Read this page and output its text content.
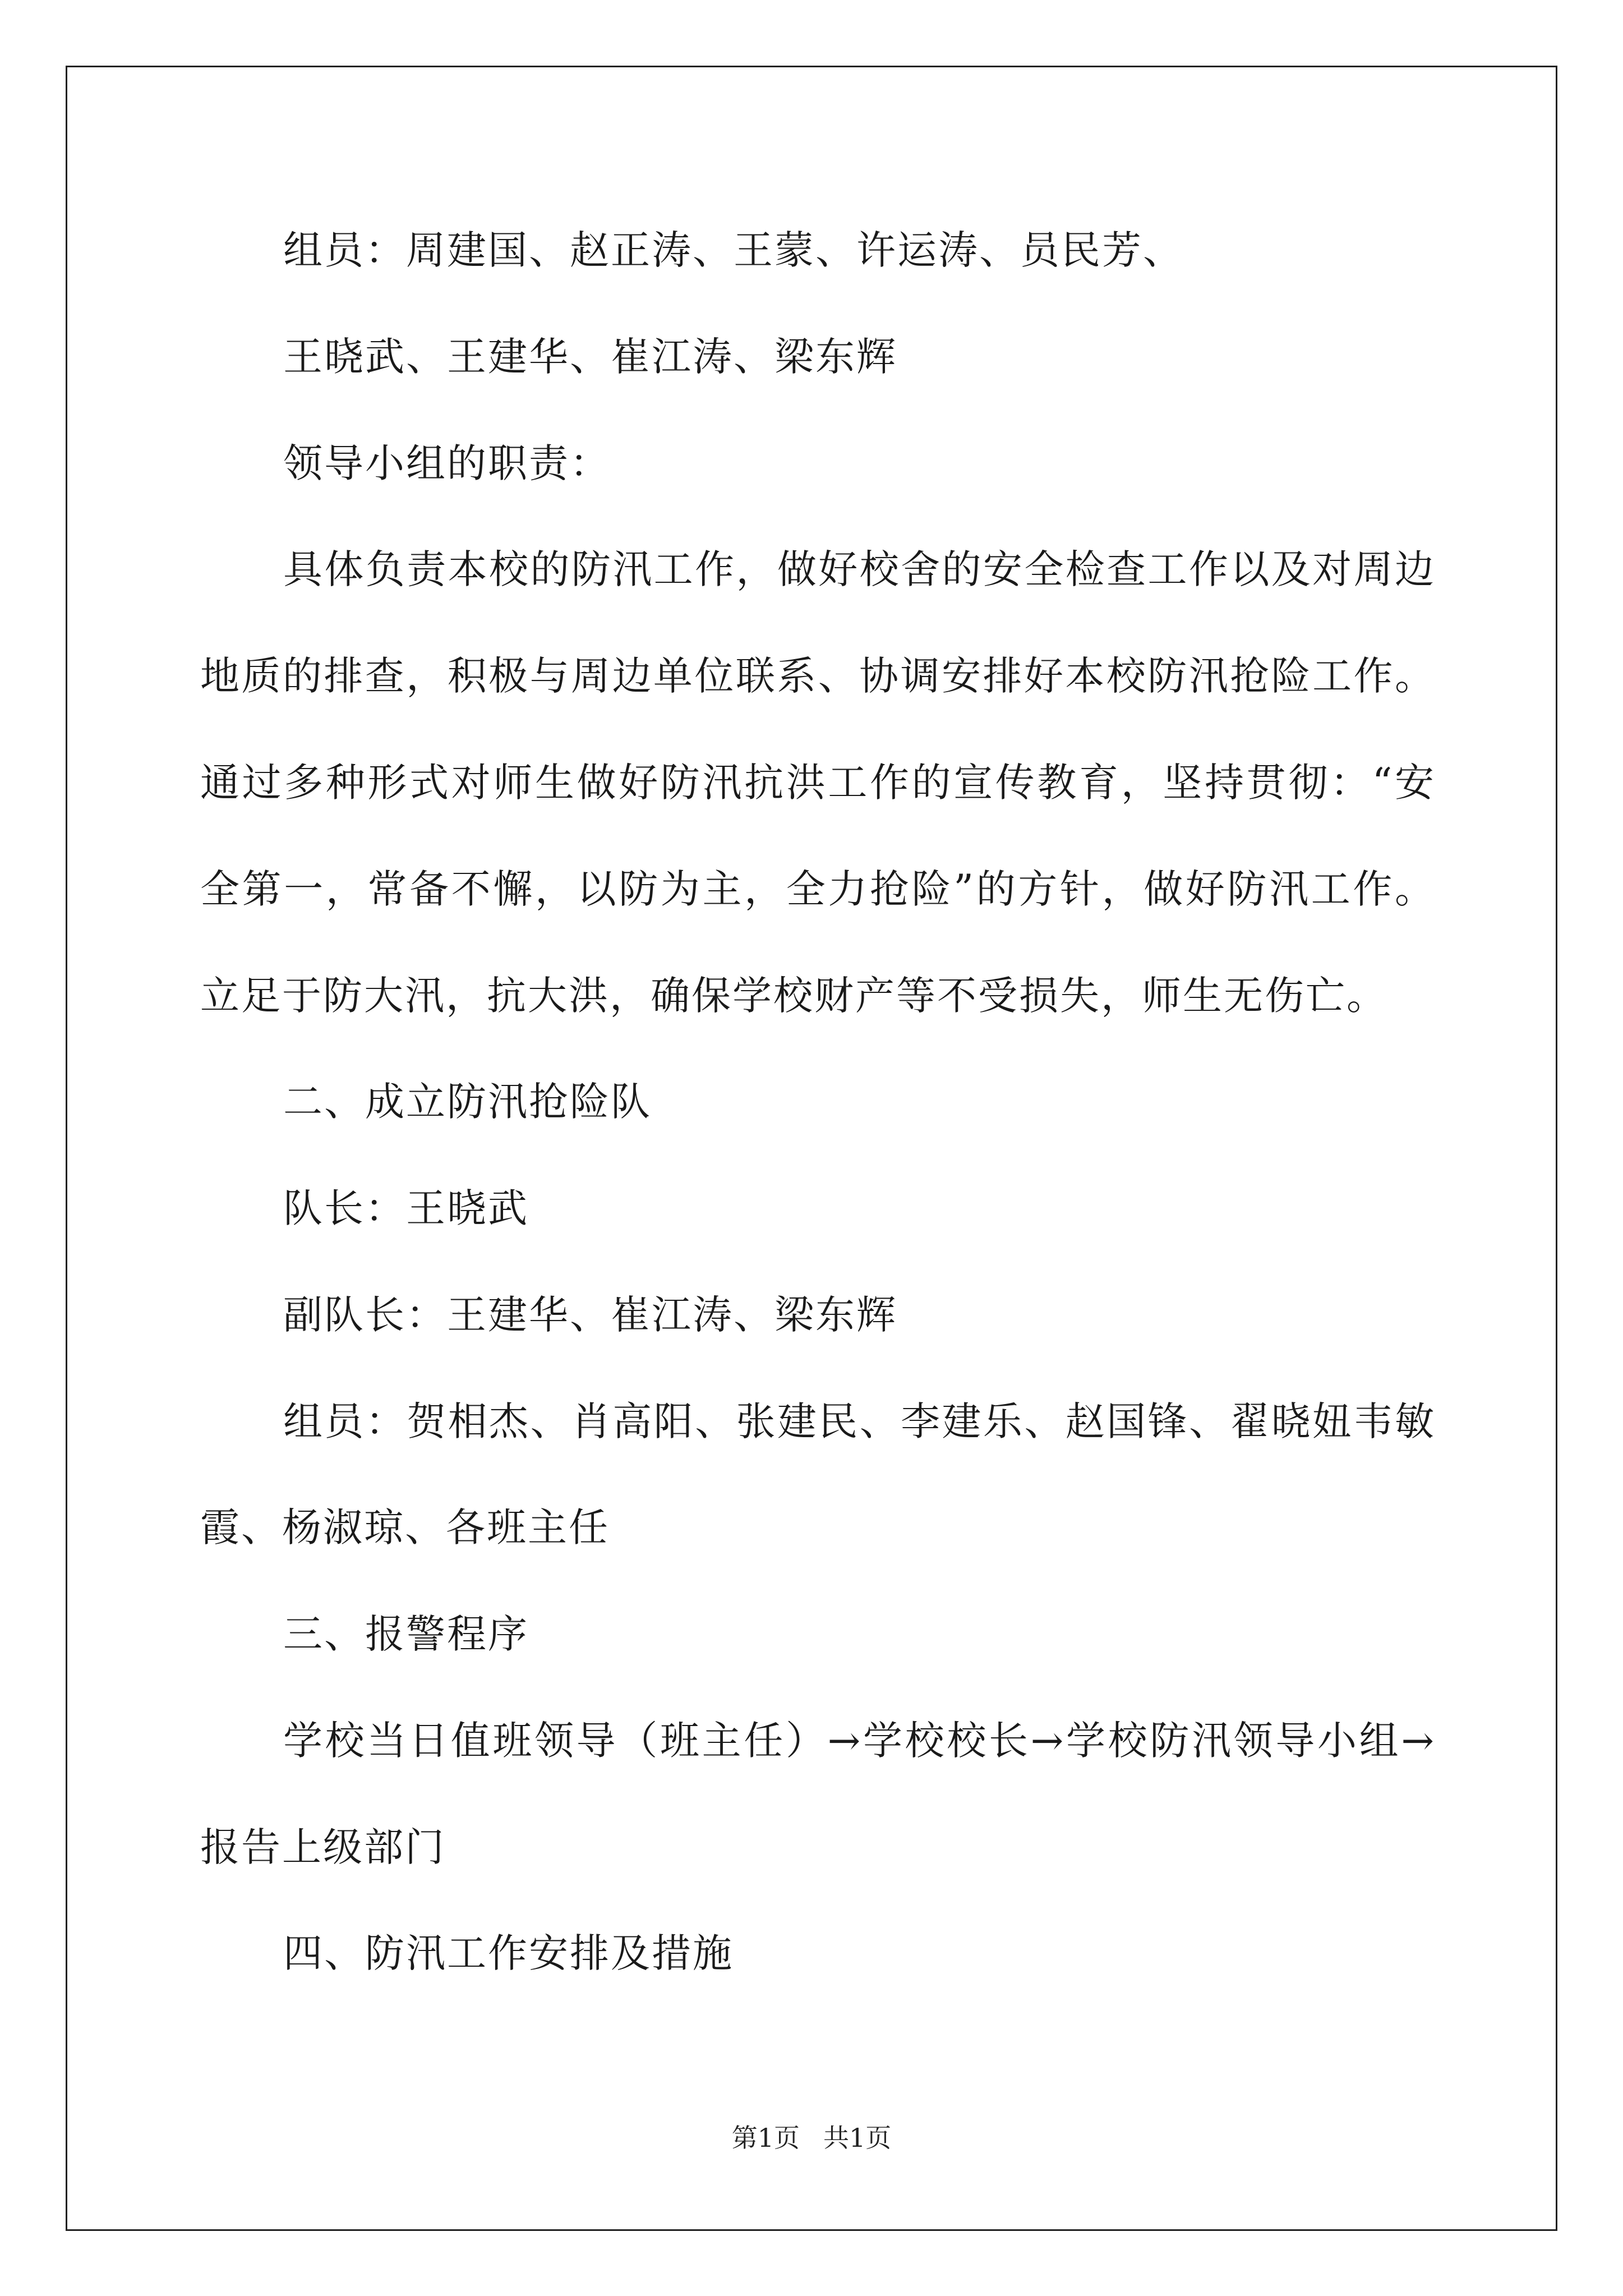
组员：周建国、赵正涛、王蒙、许运涛、员民芳、
王晓武、王建华、崔江涛、梁东辉
领导小组的职责：
具体负责本校的防汛工作，做好校舍的安全检查工作以及对周边
地质的排查，积极与周边单位联系、协调安排好本校防汛抢险工作。
通过多种形式对师生做好防汛抗洪工作的宣传教育，坚持贯彻：“安
全第一，常备不懈，以防为主，全力抢险”的方针，做好防汛工作。
立足于防大汛，抗大洪，确保学校财产等不受损失，师生无伤亡。
二、成立防汛抢险队
队长：王晓武
副队长：王建华、崔江涛、梁东辉
组员：贺相杰、肖高阳、张建民、李建乐、赵国锋、翟晓妞韦敏
霞、杨淑琼、各班主任
三、报警程序
学校当日值班领导（班主任）→学校校长→学校防汛领导小组→
报告上级部门
四、防汛工作安排及措施
第1页 共1页
